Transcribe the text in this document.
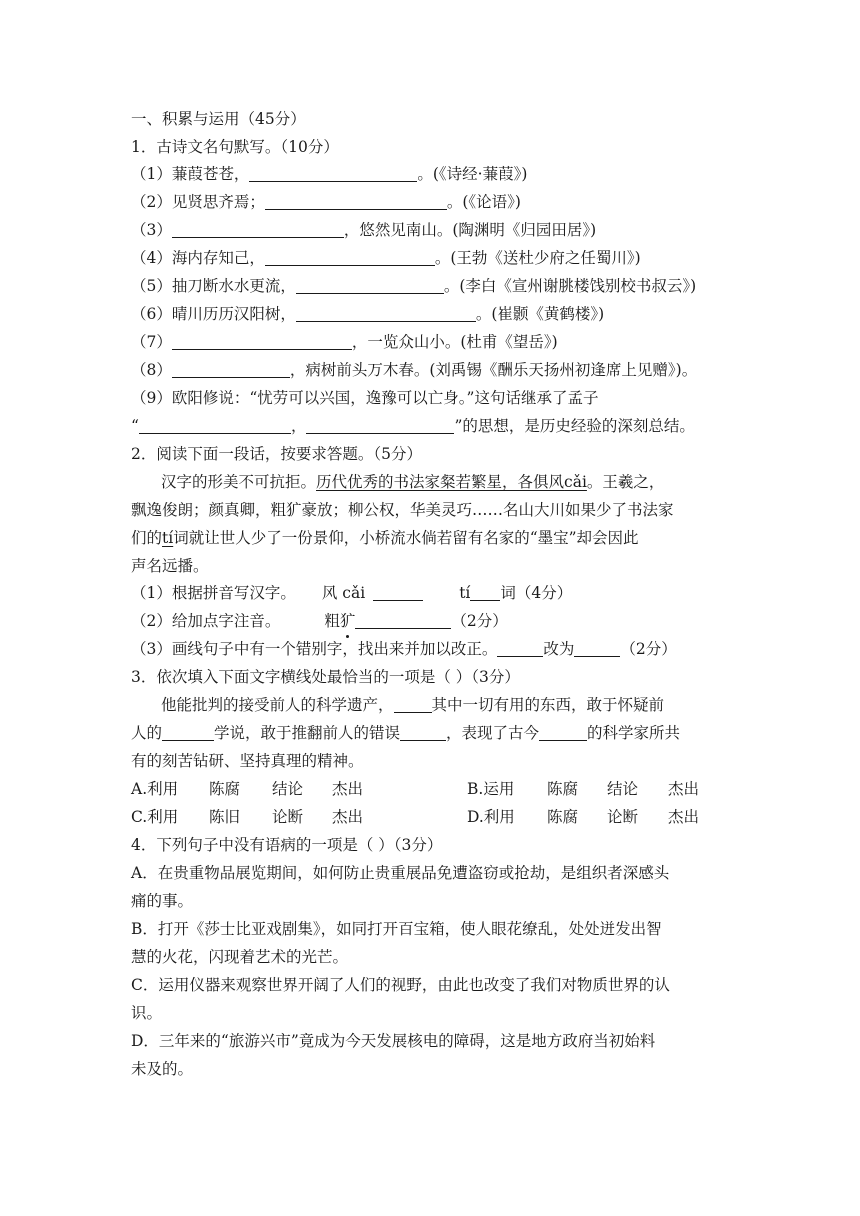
一、积累与运用（45分）
1．古诗文名句默写。（10分）
（1）蒹葭苍苍，	。(《诗经·蒹葭》)
（2）见贤思齐焉；	。(《论语》)
（3）	，悠然见南山。(陶渊明《归园田居》)
（4）海内存知己，	。(王勃《送杜少府之任蜀川》)
（5）抽刀断水水更流，	。(李白《宣州谢朓楼饯别校书叔云》)
（6）晴川历历汉阳树，	。(崔颢《黄鹤楼》)
（7）	，一览众山小。(杜甫《望岳》)
（8）	，病树前头万木春。(刘禹锡《酬乐天扬州初逢席上见赠》)。
（9）欧阳修说：“忧劳可以兴国，逸豫可以亡身。”这句话继承了孟子
“	，	”的思想，是历史经验的深刻总结。
2．阅读下面一段话，按要求答题。（5分）
汉字的形美不可抗拒。历代优秀的书法家粲若繁星，各俱风cǎi。王羲之，
飘逸俊朗；颜真卿，粗犷豪放；柳公权，华美灵巧……名山大川如果少了书法家
们的tí词就让世人少了一份景仰，小桥流水倘若留有名家的“墨宝”却会因此
声名远播。
（1）根据拼音写汉字。 风 cǎi	tí 词（4分）
（2）给加点字注音。	粗犷	（2分）
（3）画线句子中有一个错别字，找出来并加以改正。	改为	（2分）
3．依次填入下面文字横线处最恰当的一项是（ ）（3分）
他能批判的接受前人的科学遗产， 其中一切有用的东西，敢于怀疑前
人的	学说，敢于推翻前人的错误	，表现了古今	的科学家所共
有的刻苦钻研、坚持真理的精神。
A.利用 陈腐 结论 杰出	B.运用 陈腐 结论 杰出
C.利用 陈旧 论断 杰出	D.利用 陈腐 论断 杰出
4．下列句子中没有语病的一项是（ ）（3分）
A．在贵重物品展览期间，如何防止贵重展品免遭盗窃或抢劫，是组织者深感头
痛的事。
B．打开《莎士比亚戏剧集》，如同打开百宝箱，使人眼花缭乱，处处迸发出智
慧的火花，闪现着艺术的光芒。
C．运用仪器来观察世界开阔了人们的视野，由此也改变了我们对物质世界的认
识。
D．三年来的“旅游兴市”竟成为今天发展核电的障碍，这是地方政府当初始料
未及的。
